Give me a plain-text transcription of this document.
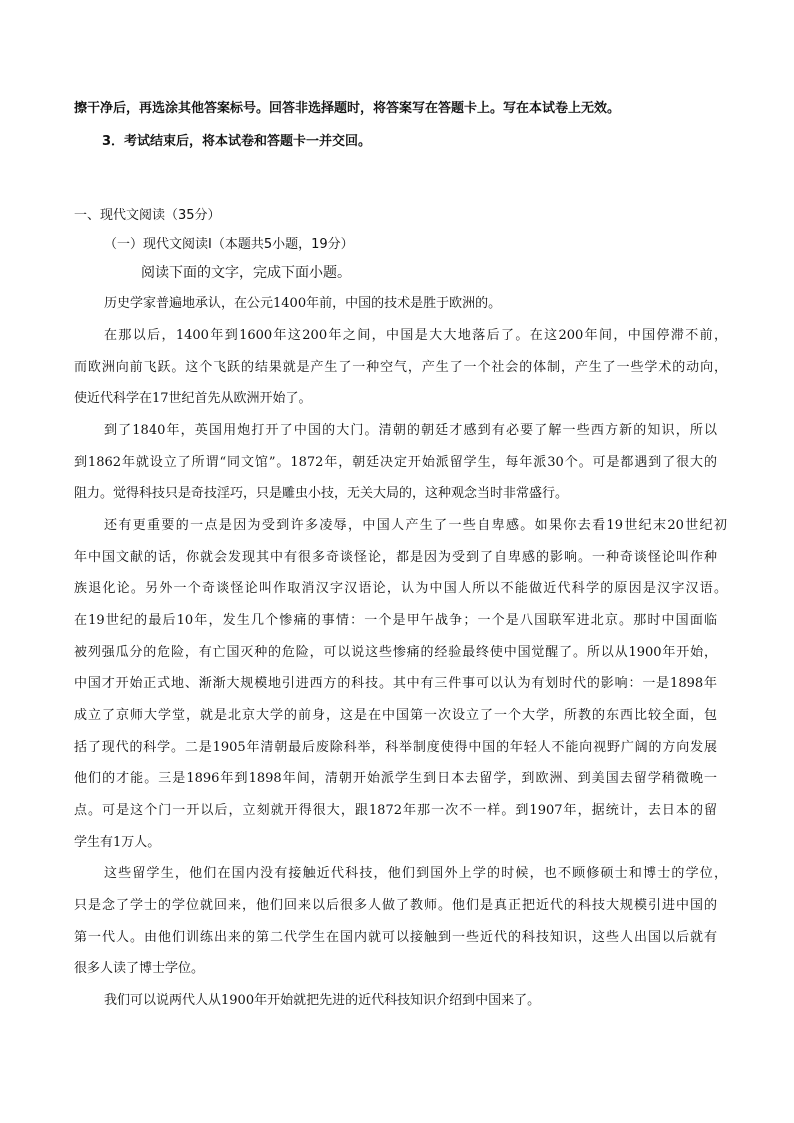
擦干净后，再选涂其他答案标号。回答非选择题时，将答案写在答题卡上。写在本试卷上无效。
3．考试结束后，将本试卷和答题卡一并交回。
一、现代文阅读（35分）
（一）现代文阅读Ⅰ（本题共5小题，19分）
阅读下面的文字，完成下面小题。
历史学家普遍地承认，在公元1400年前，中国的技术是胜于欧洲的。
在那以后，1400年到1600年这200年之间，中国是大大地落后了。在这200年间，中国停滞不前，
而欧洲向前飞跃。这个飞跃的结果就是产生了一种空气，产生了一个社会的体制，产生了一些学术的动向，
使近代科学在17世纪首先从欧洲开始了。
到了1840年，英国用炮打开了中国的大门。清朝的朝廷才感到有必要了解一些西方新的知识，所以
到1862年就设立了所谓“同文馆”。1872年，朝廷决定开始派留学生，每年派30个。可是都遇到了很大的
阻力。觉得科技只是奇技淫巧，只是雕虫小技，无关大局的，这种观念当时非常盛行。
还有更重要的一点是因为受到许多凌辱，中国人产生了一些自卑感。如果你去看19世纪末20世纪初
年中国文献的话，你就会发现其中有很多奇谈怪论，都是因为受到了自卑感的影响。一种奇谈怪论叫作种
族退化论。另外一个奇谈怪论叫作取消汉字汉语论，认为中国人所以不能做近代科学的原因是汉字汉语。
在19世纪的最后10年，发生几个惨痛的事情：一个是甲午战争；一个是八国联军进北京。那时中国面临
被列强瓜分的危险，有亡国灭种的危险，可以说这些惨痛的经验最终使中国觉醒了。所以从1900年开始，
中国才开始正式地、渐渐大规模地引进西方的科技。其中有三件事可以认为有划时代的影响：一是1898年
成立了京师大学堂，就是北京大学的前身，这是在中国第一次设立了一个大学，所教的东西比较全面，包
括了现代的科学。二是1905年清朝最后废除科举，科举制度使得中国的年轻人不能向视野广阔的方向发展
他们的才能。三是1896年到1898年间，清朝开始派学生到日本去留学，到欧洲、到美国去留学稍微晚一
点。可是这个门一开以后，立刻就开得很大，跟1872年那一次不一样。到1907年，据统计，去日本的留
学生有1万人。
这些留学生，他们在国内没有接触近代科技，他们到国外上学的时候，也不顾修硕士和博士的学位，
只是念了学士的学位就回来，他们回来以后很多人做了教师。他们是真正把近代的科技大规模引进中国的
第一代人。由他们训练出来的第二代学生在国内就可以接触到一些近代的科技知识，这些人出国以后就有
很多人读了博士学位。
我们可以说两代人从1900年开始就把先进的近代科技知识介绍到中国来了。
